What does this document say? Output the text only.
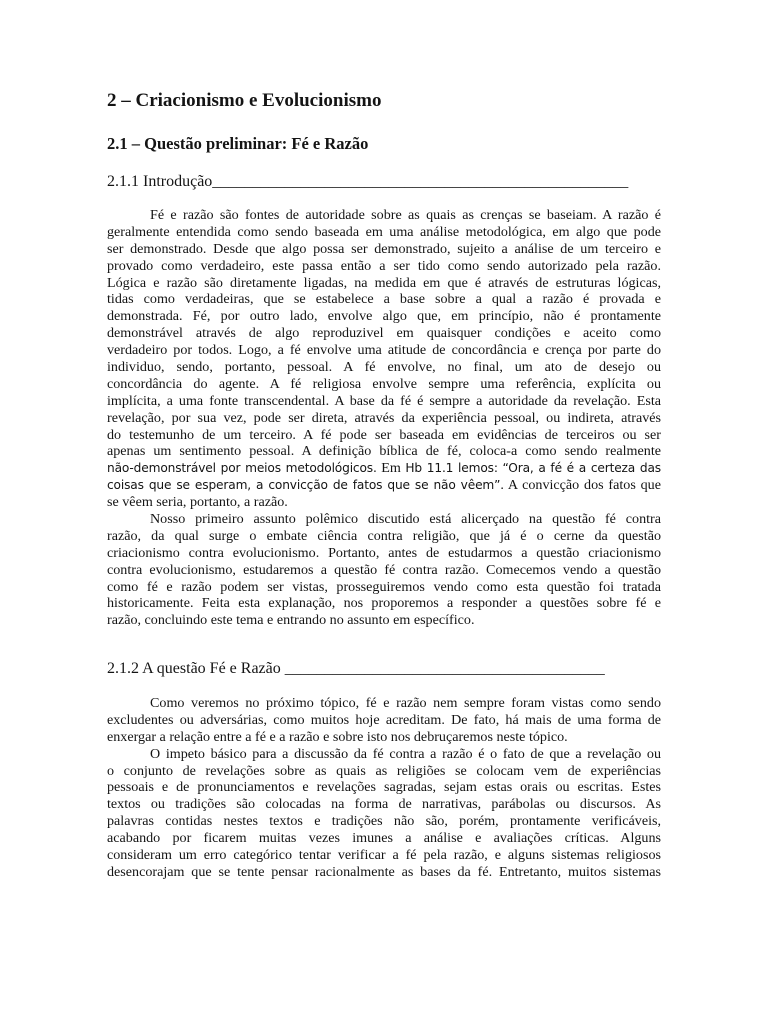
2 – Criacionismo e Evolucionismo
2.1 – Questão preliminar: Fé e Razão

2.1.1 Introdução____________________________________________________

Fé e razão são fontes de autoridade sobre as quais as crenças se baseiam. A razão é
geralmente entendida como sendo baseada em uma análise metodológica, em algo que pode
ser demonstrado. Desde que algo possa ser demonstrado, sujeito a análise de um terceiro e
provado como verdadeiro, este passa então a ser tido como sendo autorizado pela razão.
Lógica e razão são diretamente ligadas, na medida em que é através de estruturas lógicas,
tidas como verdadeiras, que se estabelece a base sobre a qual a razão é provada e
demonstrada. Fé, por outro lado, envolve algo que, em princípio, não é prontamente
demonstrável através de algo reproduzivel em quaisquer condições e aceito como
verdadeiro por todos. Logo, a fé envolve uma atitude de concordância e crença por parte do
individuo, sendo, portanto, pessoal. A fé envolve, no final, um ato de desejo ou
concordância do agente. A fé religiosa envolve sempre uma referência, explícita ou
implícita, a uma fonte transcendental. A base da fé é sempre a autoridade da revelação. Esta
revelação, por sua vez, pode ser direta, através da experiência pessoal, ou indireta, através
do testemunho de um terceiro. A fé pode ser baseada em evidências de terceiros ou ser
apenas um sentimento pessoal. A definição bíblica de fé, coloca-a como sendo realmente
não-demonstrável por meios metodológicos. Em Hb 11.1 lemos: “Ora, a fé é a certeza das
coisas que se esperam, a convicção de fatos que se não vêem”. A convicção dos fatos que
se vêem seria, portanto, a razão.
Nosso primeiro assunto polêmico discutido está alicerçado na questão fé contra
razão, da qual surge o embate ciência contra religião, que já é o cerne da questão
criacionismo contra evolucionismo. Portanto, antes de estudarmos a questão criacionismo
contra evolucionismo, estudaremos a questão fé contra razão. Comecemos vendo a questão
como fé e razão podem ser vistas, prosseguiremos vendo como esta questão foi tratada
historicamente. Feita esta explanação, nos proporemos a responder a questões sobre fé e
razão, concluindo este tema e entrando no assunto em específico.

2.1.2 A questão Fé e Razão ________________________________________

Como veremos no próximo tópico, fé e razão nem sempre foram vistas como sendo
excludentes ou adversárias, como muitos hoje acreditam. De fato, há mais de uma forma de
enxergar a relação entre a fé e a razão e sobre isto nos debruçaremos neste tópico.
O impeto básico para a discussão da fé contra a razão é o fato de que a revelação ou
o conjunto de revelações sobre as quais as religiões se colocam vem de experiências
pessoais e de pronunciamentos e revelações sagradas, sejam estas orais ou escritas. Estes
textos ou tradições são colocadas na forma de narrativas, parábolas ou discursos. As
palavras contidas nestes textos e tradições não são, porém, prontamente verificáveis,
acabando por ficarem muitas vezes imunes a análise e avaliações críticas. Alguns
consideram um erro categórico tentar verificar a fé pela razão, e alguns sistemas religiosos
desencorajam que se tente pensar racionalmente as bases da fé. Entretanto, muitos sistemas
